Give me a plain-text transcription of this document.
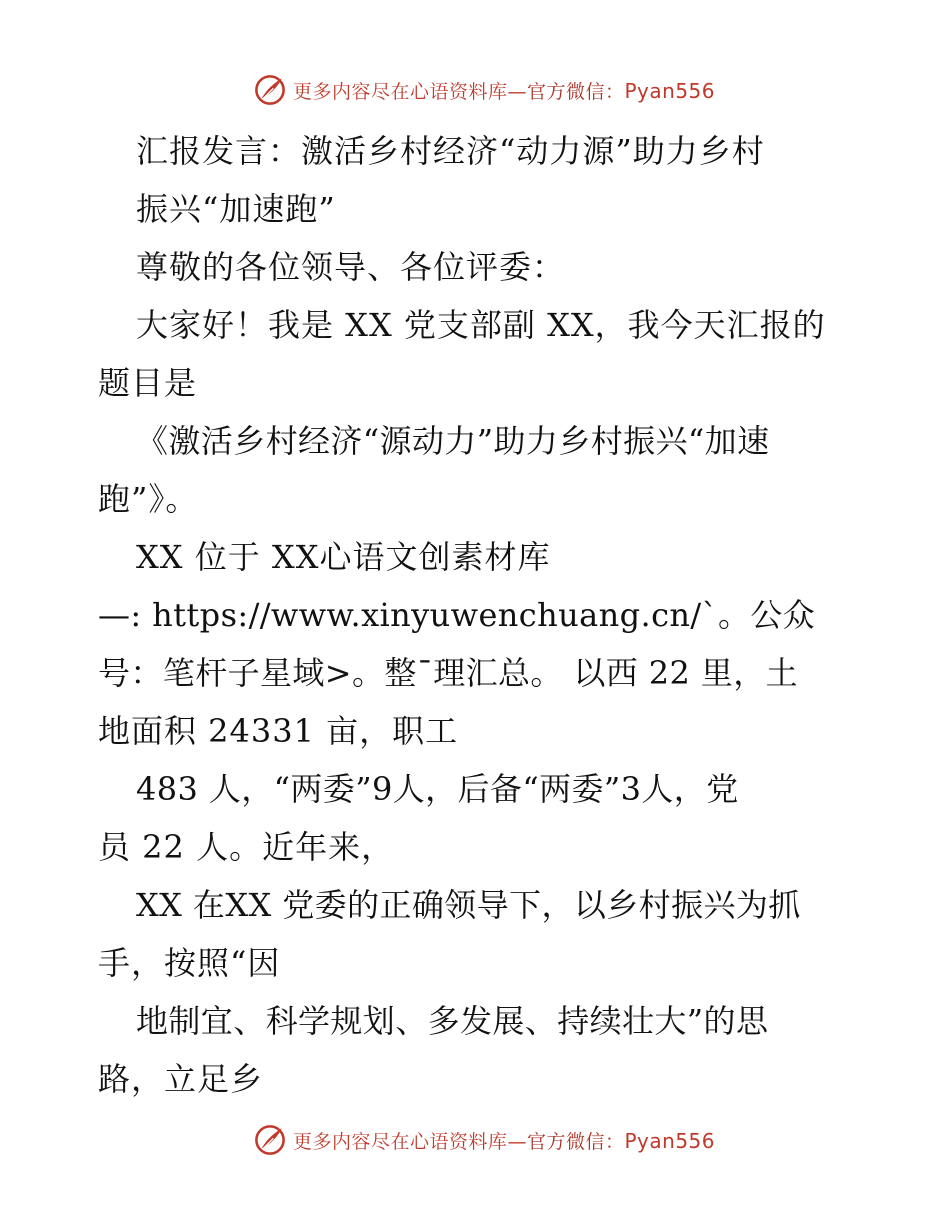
更多内容尽在心语资料库—官方微信：Pyan556
汇报发言：激活乡村经济“动力源”助力乡村
振兴“加速跑”
尊敬的各位领导、各位评委：
大家好！我是 XX 党支部副 XX，我今天汇报的
题目是
《激活乡村经济“源动力”助力乡村振兴“加速
跑”》。
XX 位于 XX心语文创素材库
—: https://www.xinyuwenchuang.cn/`。公众
号：笔杆子星域>。整¯理汇总。 以西 22 里，土
地面积 24331 亩，职工
483 人，“两委”9人，后备“两委”3人，党
员 22 人。近年来，
XX 在XX 党委的正确领导下，以乡村振兴为抓
手，按照“因
地制宜、科学规划、多发展、持续壮大”的思
路，立足乡
更多内容尽在心语资料库—官方微信：Pyan556
